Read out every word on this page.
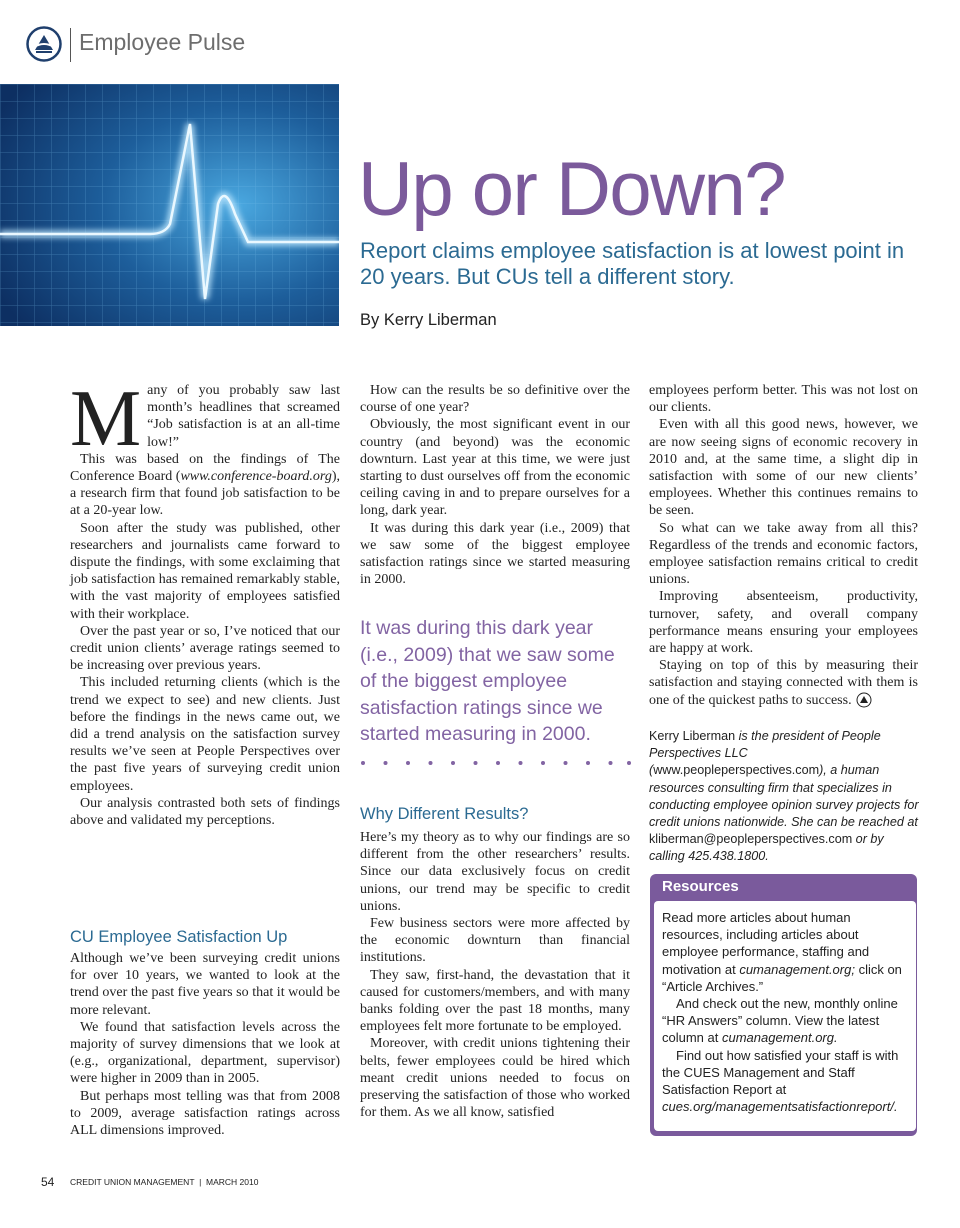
Employee Pulse
Up or Down?
Report claims employee satisfaction is at lowest point in 20 years. But CUs tell a different story.
By Kerry Liberman
M any of you probably saw last month’s headlines that screamed “Job satisfaction is at an all-time low!”

This was based on the findings of The Conference Board (www.conference-board.org), a research firm that found job satisfaction to be at a 20-year low.

Soon after the study was published, other researchers and journalists came forward to dispute the findings, with some exclaiming that job satisfaction has remained remarkably stable, with the vast majority of employees satisfied with their workplace.

Over the past year or so, I’ve noticed that our credit union clients’ average ratings seemed to be increasing over previous years.

This included returning clients (which is the trend we expect to see) and new clients. Just before the findings in the news came out, we did a trend analysis on the satisfaction survey results we’ve seen at People Perspectives over the past five years of surveying credit union employees.

Our analysis contrasted both sets of findings above and validated my perceptions.

CU Employee Satisfaction Up

Although we’ve been surveying credit unions for over 10 years, we wanted to look at the trend over the past five years so that it would be more relevant.

We found that satisfaction levels across the majority of survey dimensions that we look at (e.g., organizational, department, supervisor) were higher in 2009 than in 2005.

But perhaps most telling was that from 2008 to 2009, average satisfaction ratings across ALL dimensions improved.

How can the results be so definitive over the course of one year?

Obviously, the most significant event in our country (and beyond) was the economic downturn. Last year at this time, we were just starting to dust ourselves off from the economic ceiling caving in and to prepare ourselves for a long, dark year.

It was during this dark year (i.e., 2009) that we saw some of the biggest employee satisfaction ratings since we started measuring in 2000.

It was during this dark year (i.e., 2009) that we saw some of the biggest employee satisfaction ratings since we started measuring in 2000.
Why Different Results?

Here’s my theory as to why our findings are so different from the other researchers’ results. Since our data exclusively focus on credit unions, our trend may be specific to credit unions.

Few business sectors were more affected by the economic downturn than financial institutions.

They saw, first-hand, the devastation that it caused for customers/members, and with many banks folding over the past 18 months, many employees felt more fortunate to be employed.

Moreover, with credit unions tightening their belts, fewer employees could be hired which meant credit unions needed to focus on preserving the satisfaction of those who worked for them. As we all know, satisfied

employees perform better. This was not lost on our clients.

Even with all this good news, however, we are now seeing signs of economic recovery in 2010 and, at the same time, a slight dip in satisfaction with some of our new clients’ employees. Whether this continues remains to be seen.

So what can we take away from all this? Regardless of the trends and economic factors, employee satisfaction remains critical to credit unions.

Improving absenteeism, productivity, turnover, safety, and overall company performance means ensuring your employees are happy at work.

Staying on top of this by measuring their satisfaction and staying connected with them is one of the quickest paths to success.

Kerry Liberman is the president of People Perspectives LLC (www.peopleperspectives.com), a human resources consulting firm that specializes in conducting employee opinion survey projects for credit unions nationwide. She can be reached at kliberman@peopleperspectives.com or by calling 425.438.1800.
Resources

Read more articles about human resources, including articles about employee performance, staffing and motivation at cumanagement.org; click on “Article Archives.”

And check out the new, monthly online “HR Answers” column. View the latest column at cumanagement.org.

Find out how satisfied your staff is with the CUES Management and Staff Satisfaction Report at cues.org/managementsatisfactionreport/.

54 CREDIT UNION MANAGEMENT  |  MARCH 2010
